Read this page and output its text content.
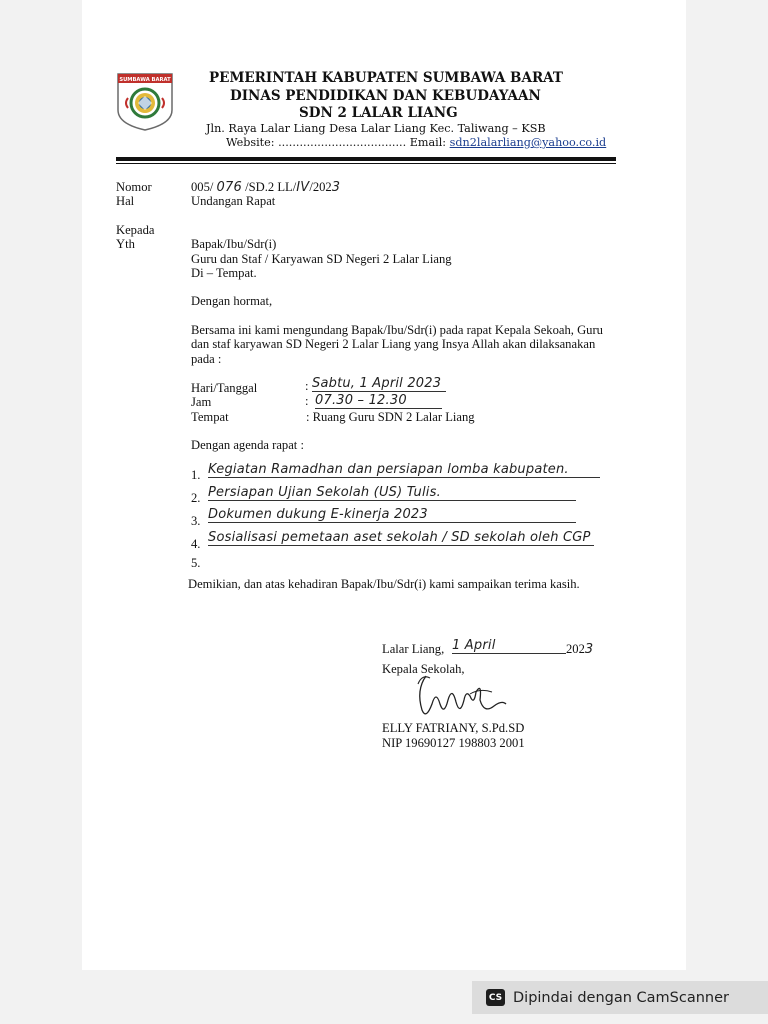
SUMBAWA BARAT	PEMERINTAH KABUPATEN SUMBAWA BARAT
DINAS PENDIDIKAN DAN KEBUDAYAAN
SDN 2 LALAR LIANG
Jln. Raya Lalar Liang Desa Lalar Liang Kec. Taliwang – KSB
Website: .................................... Email: sdn2lalarliang@yahoo.co.id
Nomor	005/ 076 /SD.2 LL/IV/2023
Hal	Undangan Rapat
Kepada
Yth	Bapak/Ibu/Sdr(i)
Guru dan Staf / Karyawan SD Negeri 2 Lalar Liang
Di – Tempat.
Dengan hormat,
Bersama ini kami mengundang Bapak/Ibu/Sdr(i) pada rapat Kepala Sekoah, Guru
dan staf karyawan SD Negeri 2 Lalar Liang yang Insya Allah akan dilaksanakan
pada :
Hari/Tanggal	: Sabtu, 1 April 2023
Jam	: 07.30 – 12.30
Tempat	: Ruang Guru SDN 2 Lalar Liang
Dengan agenda rapat :
1. Kegiatan Ramadhan dan persiapan lomba kabupaten.
2. Persiapan Ujian Sekolah (US) Tulis.
3. Dokumen dukung E-kinerja 2023
4. Sosialisasi pemetaan aset sekolah / SD sekolah oleh CGP
5.
Demikian, dan atas kehadiran Bapak/Ibu/Sdr(i) kami sampaikan terima kasih.
Lalar Liang, 1 April	2023
Kepala Sekolah,
ELLY FATRIANY, S.Pd.SD
NIP 19690127 198803 2001
CS Dipindai dengan CamScanner
